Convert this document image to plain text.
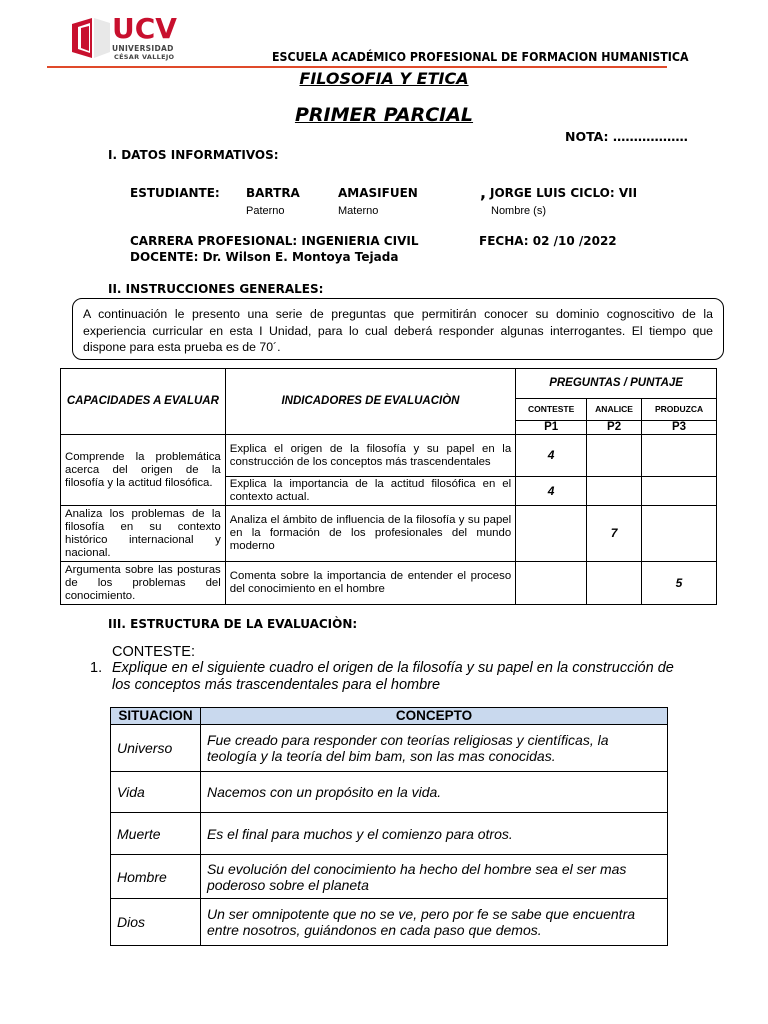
UCV
UNIVERSIDAD
CÉSAR VALLEJO	ESCUELA ACADÉMICO PROFESIONAL DE FORMACION HUMANISTICA
FILOSOFIA Y ETICA
PRIMER PARCIAL
NOTA: ………………
I. DATOS INFORMATIVOS:
ESTUDIANTE: BARTRA	AMASIFUEN	, JORGE LUIS CICLO: VII
Paterno	Materno	Nombre (s)
CARRERA PROFESIONAL: INGENIERIA CIVIL	FECHA: 02 /10 /2022
DOCENTE: Dr. Wilson E. Montoya Tejada
II. INSTRUCCIONES GENERALES:
A continuación le presento una serie de preguntas que permitirán conocer su dominio cognoscitivo de la experiencia curricular en esta I Unidad, para lo cual deberá responder algunas interrogantes. El tiempo que dispone para esta prueba es de 70´.
CAPACIDADES A EVALUAR	INDICADORES DE EVALUACIÒN	PREGUNTAS / PUNTAJE		
		CONTESTE	ANALICE	PRODUZCA
		P1	P2	P3
Comprende la problemática acerca del origen de la filosofía y la actitud filosófica.	Explica el origen de la filosofía y su papel en la construcción de los conceptos más trascendentales	4		
	Explica la importancia de la actitud filosófica en el contexto actual.	4		
Analiza los problemas de la filosofía en su contexto histórico internacional y nacional.	Analiza el ámbito de influencia de la filosofía y su papel en la formación de los profesionales del mundo moderno		7	
Argumenta sobre las posturas de los problemas del conocimiento.	Comenta sobre la importancia de entender el proceso del conocimiento en el hombre			5
III. ESTRUCTURA DE LA EVALUACIÒN:
CONTESTE:
1. Explique en el siguiente cuadro el origen de la filosofía y su papel en la construcción de los conceptos más trascendentales para el hombre
SITUACION	CONCEPTO
Universo	Fue creado para responder con teorías religiosas y científicas, la teología y la teoría del bim bam, son las mas conocidas.
Vida	Nacemos con un propósito en la vida.
Muerte	Es el final para muchos y el comienzo para otros.
Hombre	Su evolución del conocimiento ha hecho del hombre sea el ser mas poderoso sobre el planeta
Dios	Un ser omnipotente que no se ve, pero por fe se sabe que encuentra entre nosotros, guiándonos en cada paso que demos.
